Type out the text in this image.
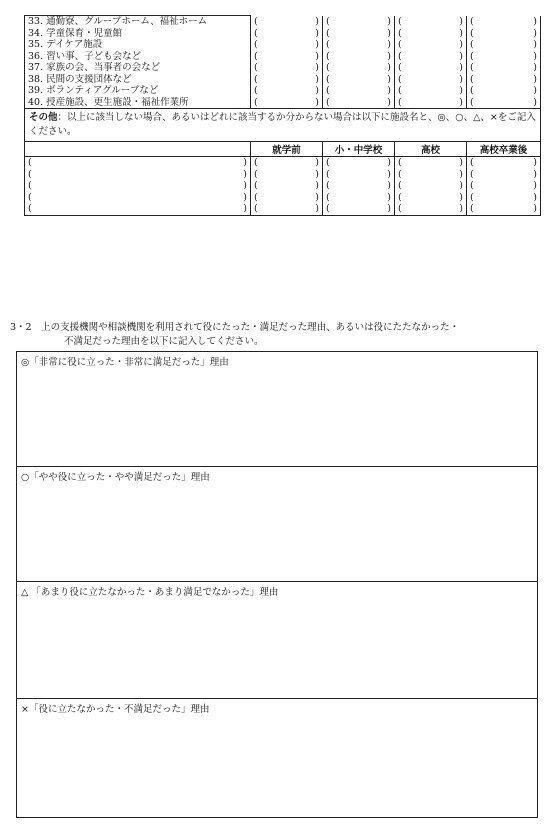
33. 通勤寮、グループホーム、福祉ホーム	( )	( )	( )	( )

34. 学童保育・児童館	( )	( )	( )	( )

35. デイケア施設	( )	( )	( )	( )

36. 習い事、子ども会など	( )	( )	( )	( )

37. 家族の会、当事者の会など	( )	( )	( )	( )

38. 民間の支援団体など	( )	( )	( )	( )

39. ボランティアグループなど	( )	( )	( )	( )

40. 授産施設、更生施設・福祉作業所	( )	( )	( )	( )

その他：以上に該当しない場合、あるいはどれに該当するか分からない場合は以下に施設名と、◎、○、△、×をご記入ください。				
	就学前	小・中学校	高校	高校卒業後

( )	( )	( )	( )	( )

( )	( )	( )	( )	( )

( )	( )	( )	( )	( )

( )	( )	( )	( )	( )

( )	( )	( )	( )	( )
3・2　 上の支援機関や相談機関を利用されて役にたった・満足だった理由、あるいは役にたたなかった・
不満足だった理由を以下に記入してください。
◎「非常に役に立った・非常に満足だった」理由
○「やや役に立った・やや満足だった」理由
△ 「あまり役に立たなかった・あまり満足でなかった」理由
×「役に立たなかった・不満足だった」理由
